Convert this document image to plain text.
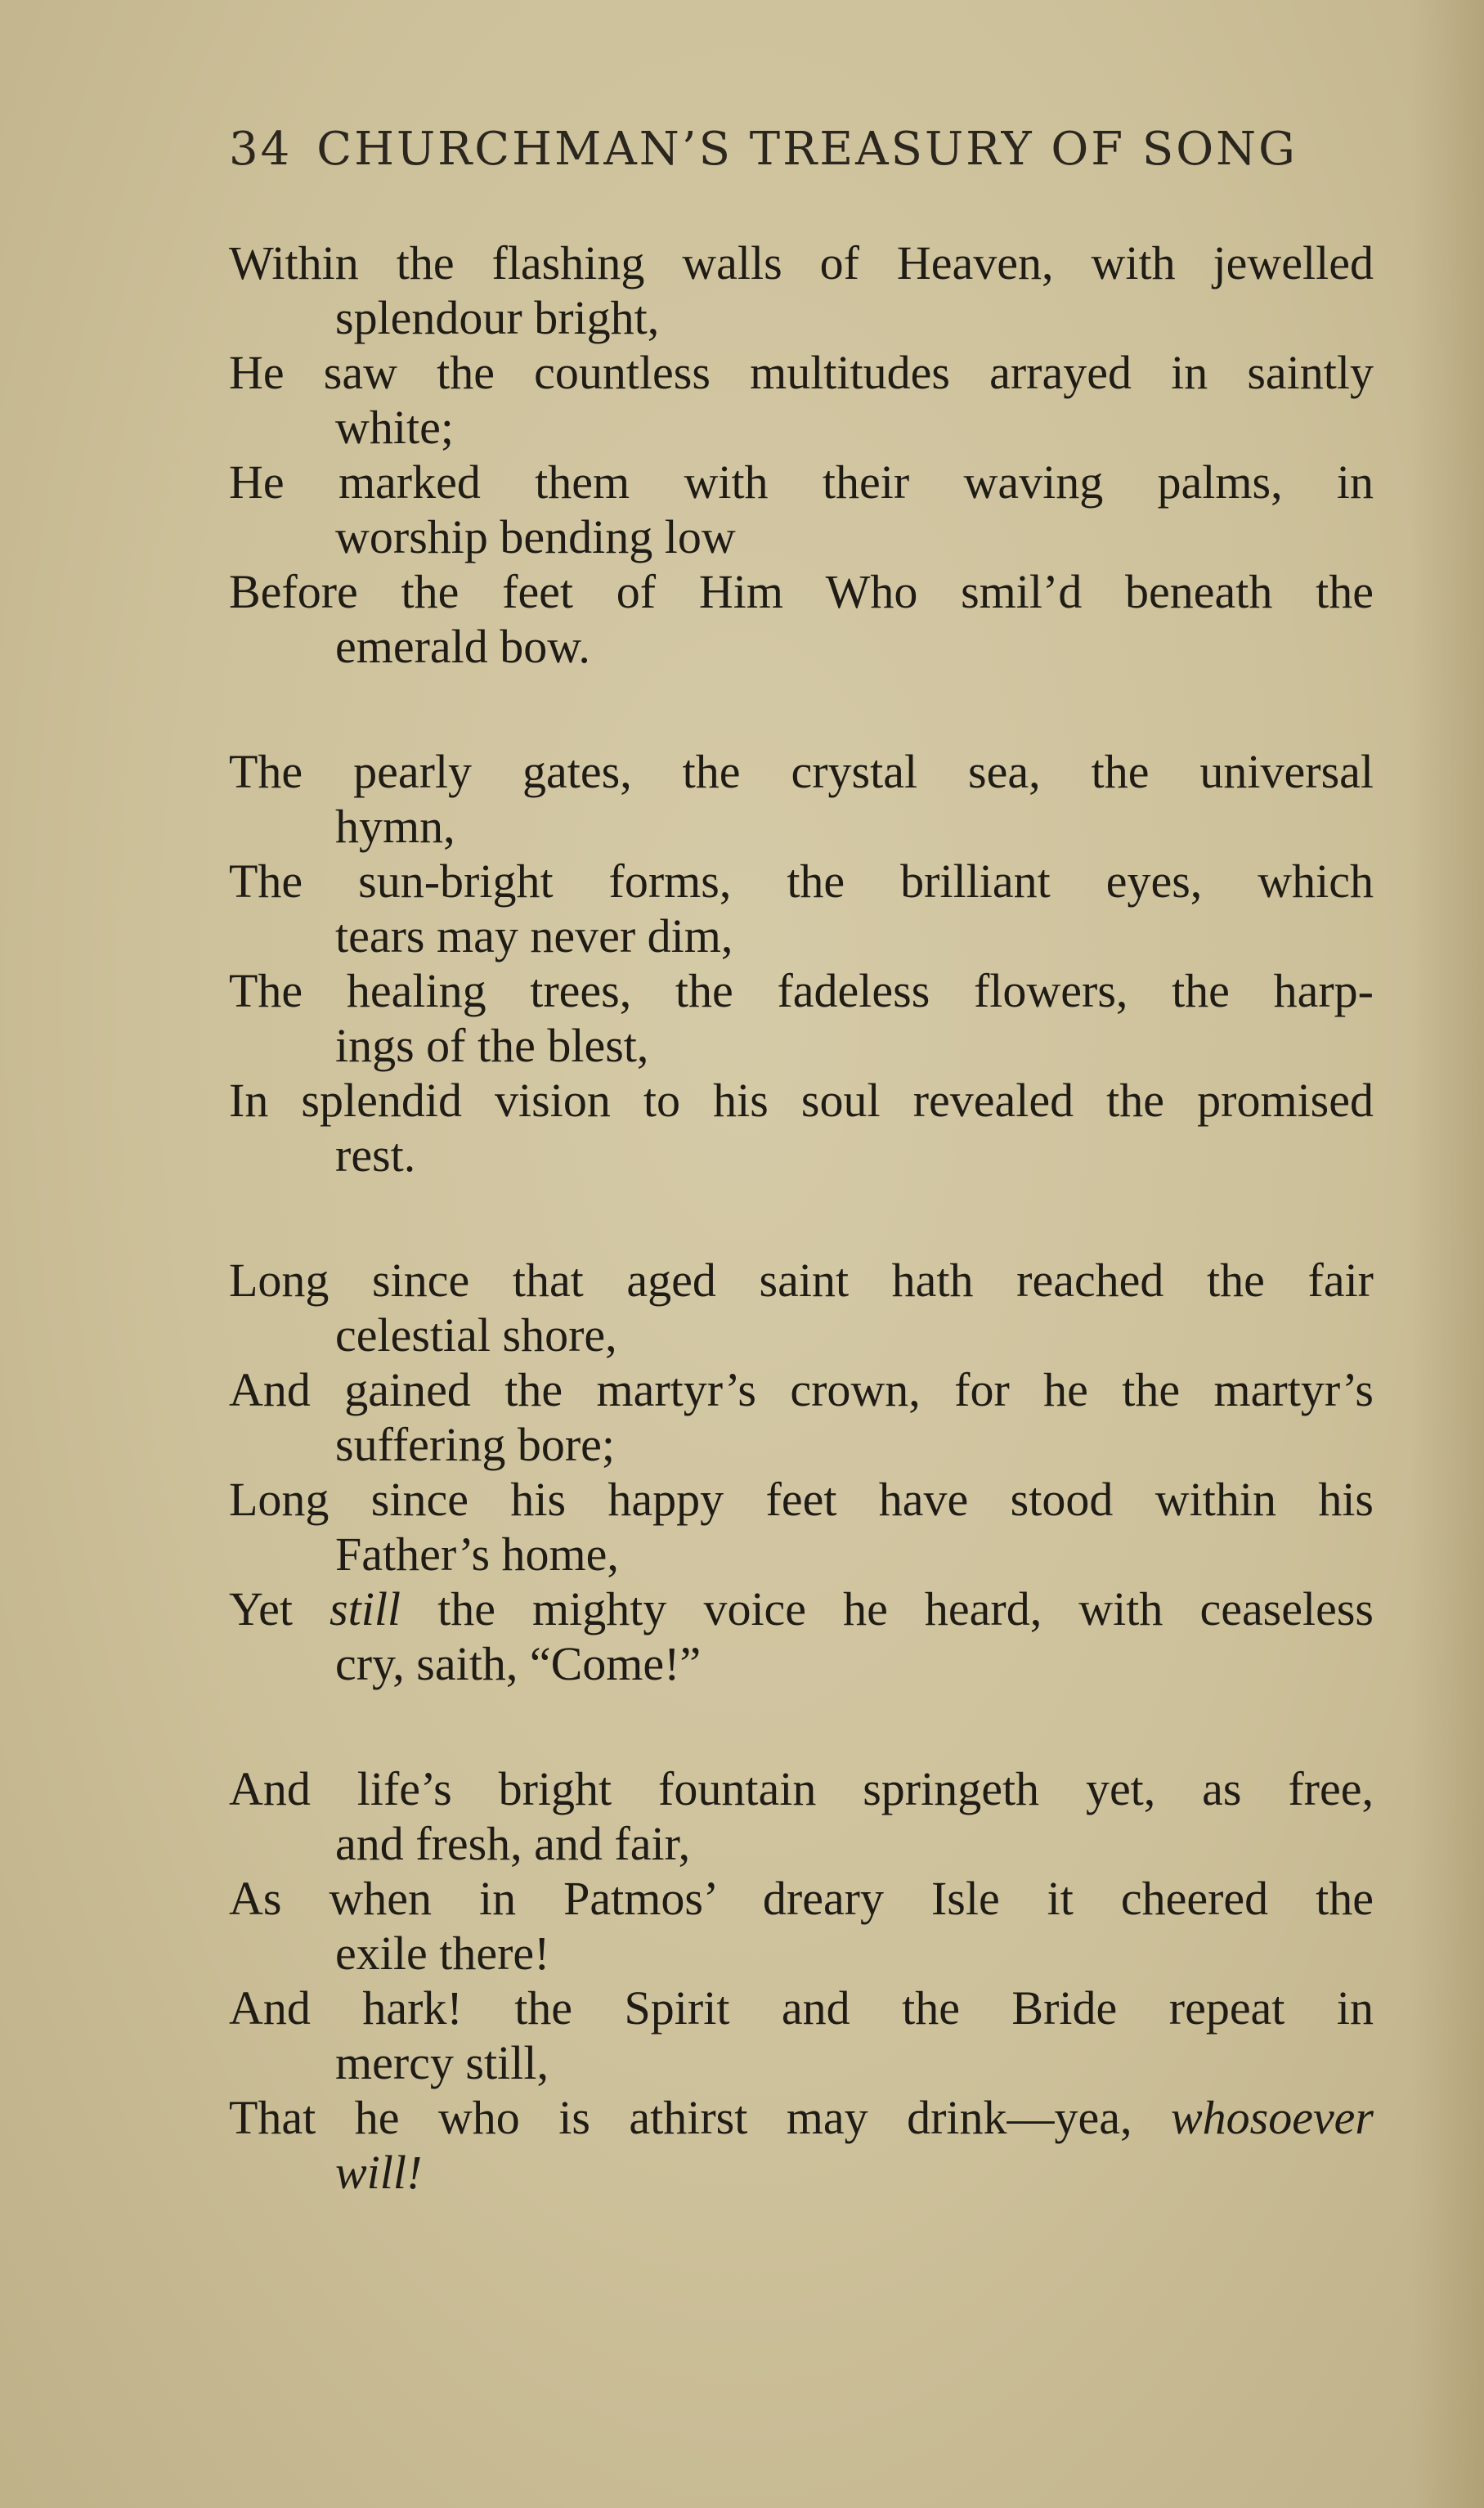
34 CHURCHMAN’S TREASURY OF SONG
Within the flashing walls of Heaven, with jewelled
splendour bright,
He saw the countless multitudes arrayed in saintly
white;
He marked them with their waving palms, in
worship bending low
Before the feet of Him Who smil’d beneath the
emerald bow.
The pearly gates, the crystal sea, the universal
hymn,
The sun-bright forms, the brilliant eyes, which
tears may never dim,
The healing trees, the fadeless flowers, the harp-
ings of the blest,
In splendid vision to his soul revealed the promised
rest.
Long since that aged saint hath reached the fair
celestial shore,
And gained the martyr’s crown, for he the martyr’s
suffering bore;
Long since his happy feet have stood within his
Father’s home,
Yet still the mighty voice he heard, with ceaseless
cry, saith, “Come!”
And life’s bright fountain springeth yet, as free,
and fresh, and fair,
As when in Patmos’ dreary Isle it cheered the
exile there!
And hark! the Spirit and the Bride repeat in
mercy still,
That he who is athirst may drink—yea, whosoever
will!
